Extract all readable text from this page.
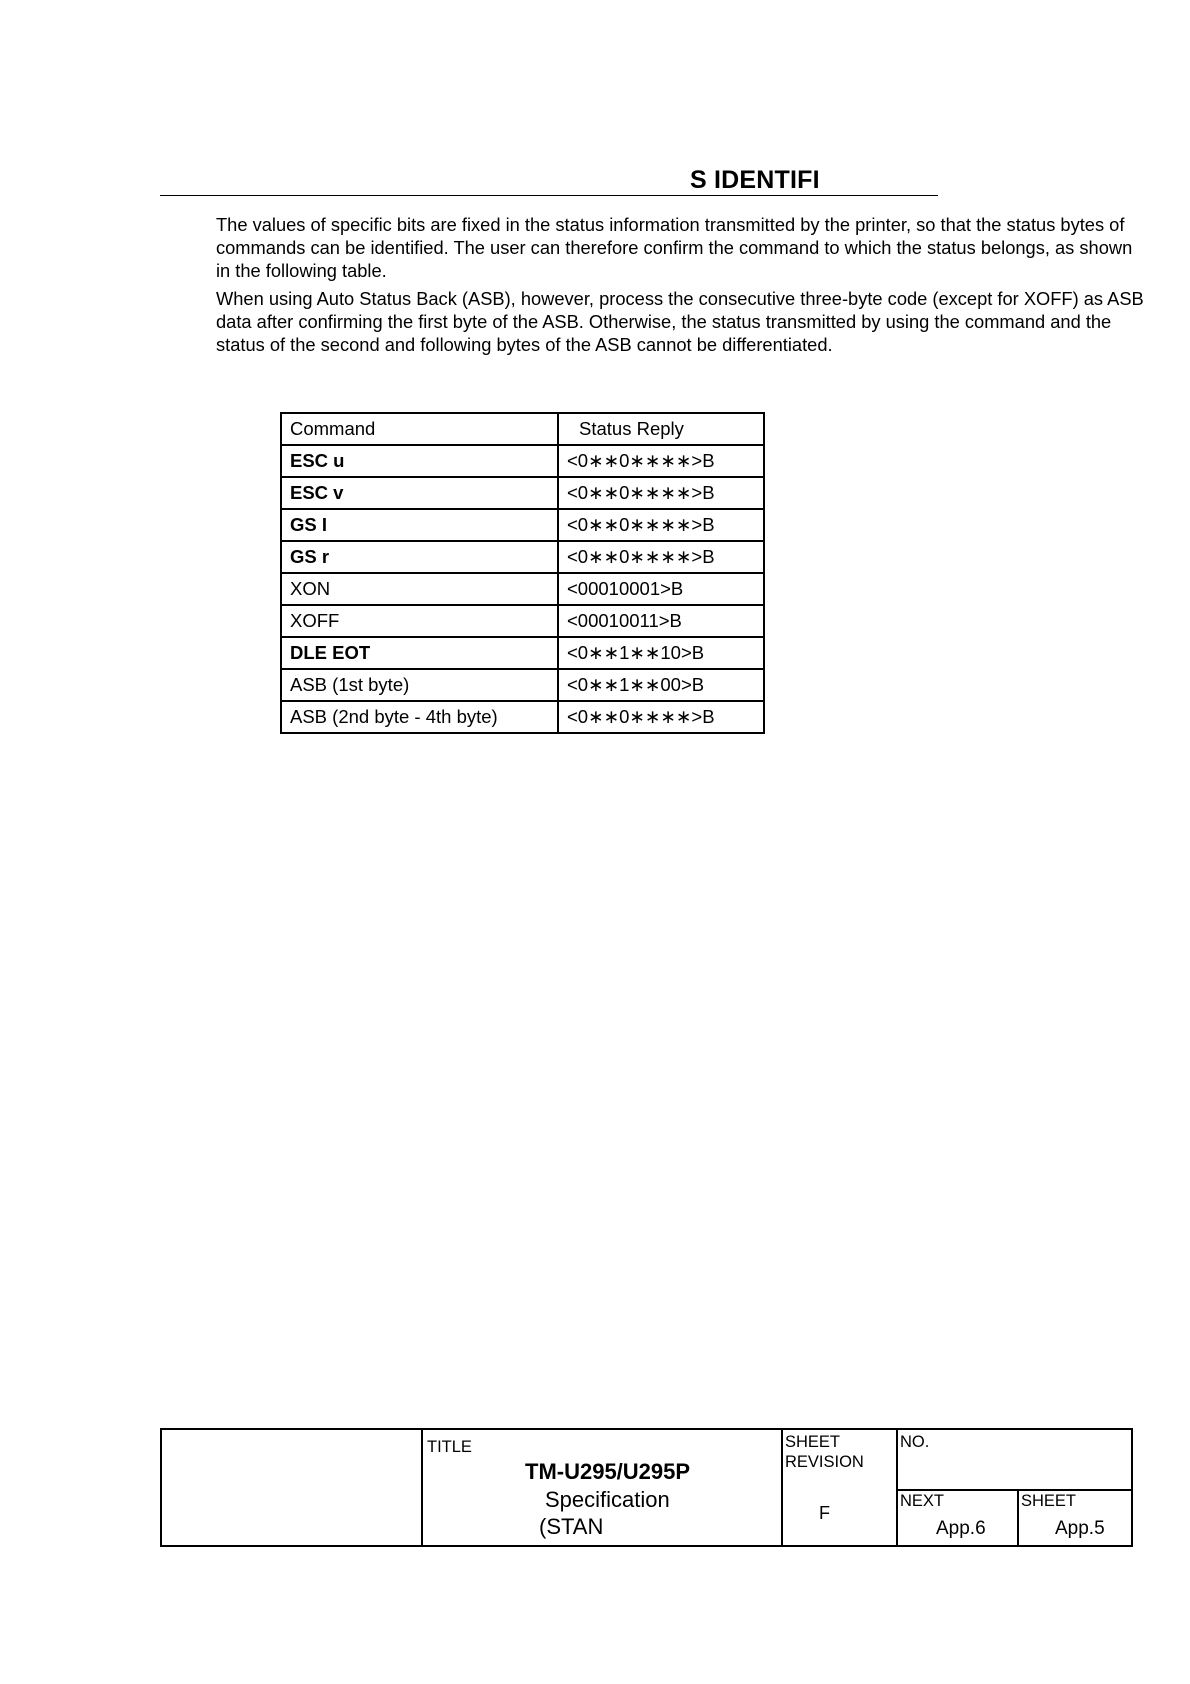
S IDENTIFI

The values of specific bits are fixed in the status information transmitted by the printer, so that the status bytes of commands can be identified. The user can therefore confirm the command to which the status belongs, as shown in the following table.

When using Auto Status Back (ASB), however, process the consecutive three-byte code (except for XOFF) as ASB data after confirming the first byte of the ASB. Otherwise, the status transmitted by using the command and the status of the second and following bytes of the ASB cannot be differentiated.

Command	Status Reply
ESC u	<0∗∗0∗∗∗∗>B
ESC v	<0∗∗0∗∗∗∗>B
GS I	<0∗∗0∗∗∗∗>B
GS r	<0∗∗0∗∗∗∗>B
XON	<00010001>B
XOFF	<00010011>B
DLE EOT	<0∗∗1∗∗10>B
ASB (1st byte)	<0∗∗1∗∗00>B
ASB (2nd byte - 4th byte)	<0∗∗0∗∗∗∗>B
TITLE
TM-U295/U295P
Specification
(STAN
SHEET
REVISION
F
NO.
NEXT
App.6
SHEET
App.5
